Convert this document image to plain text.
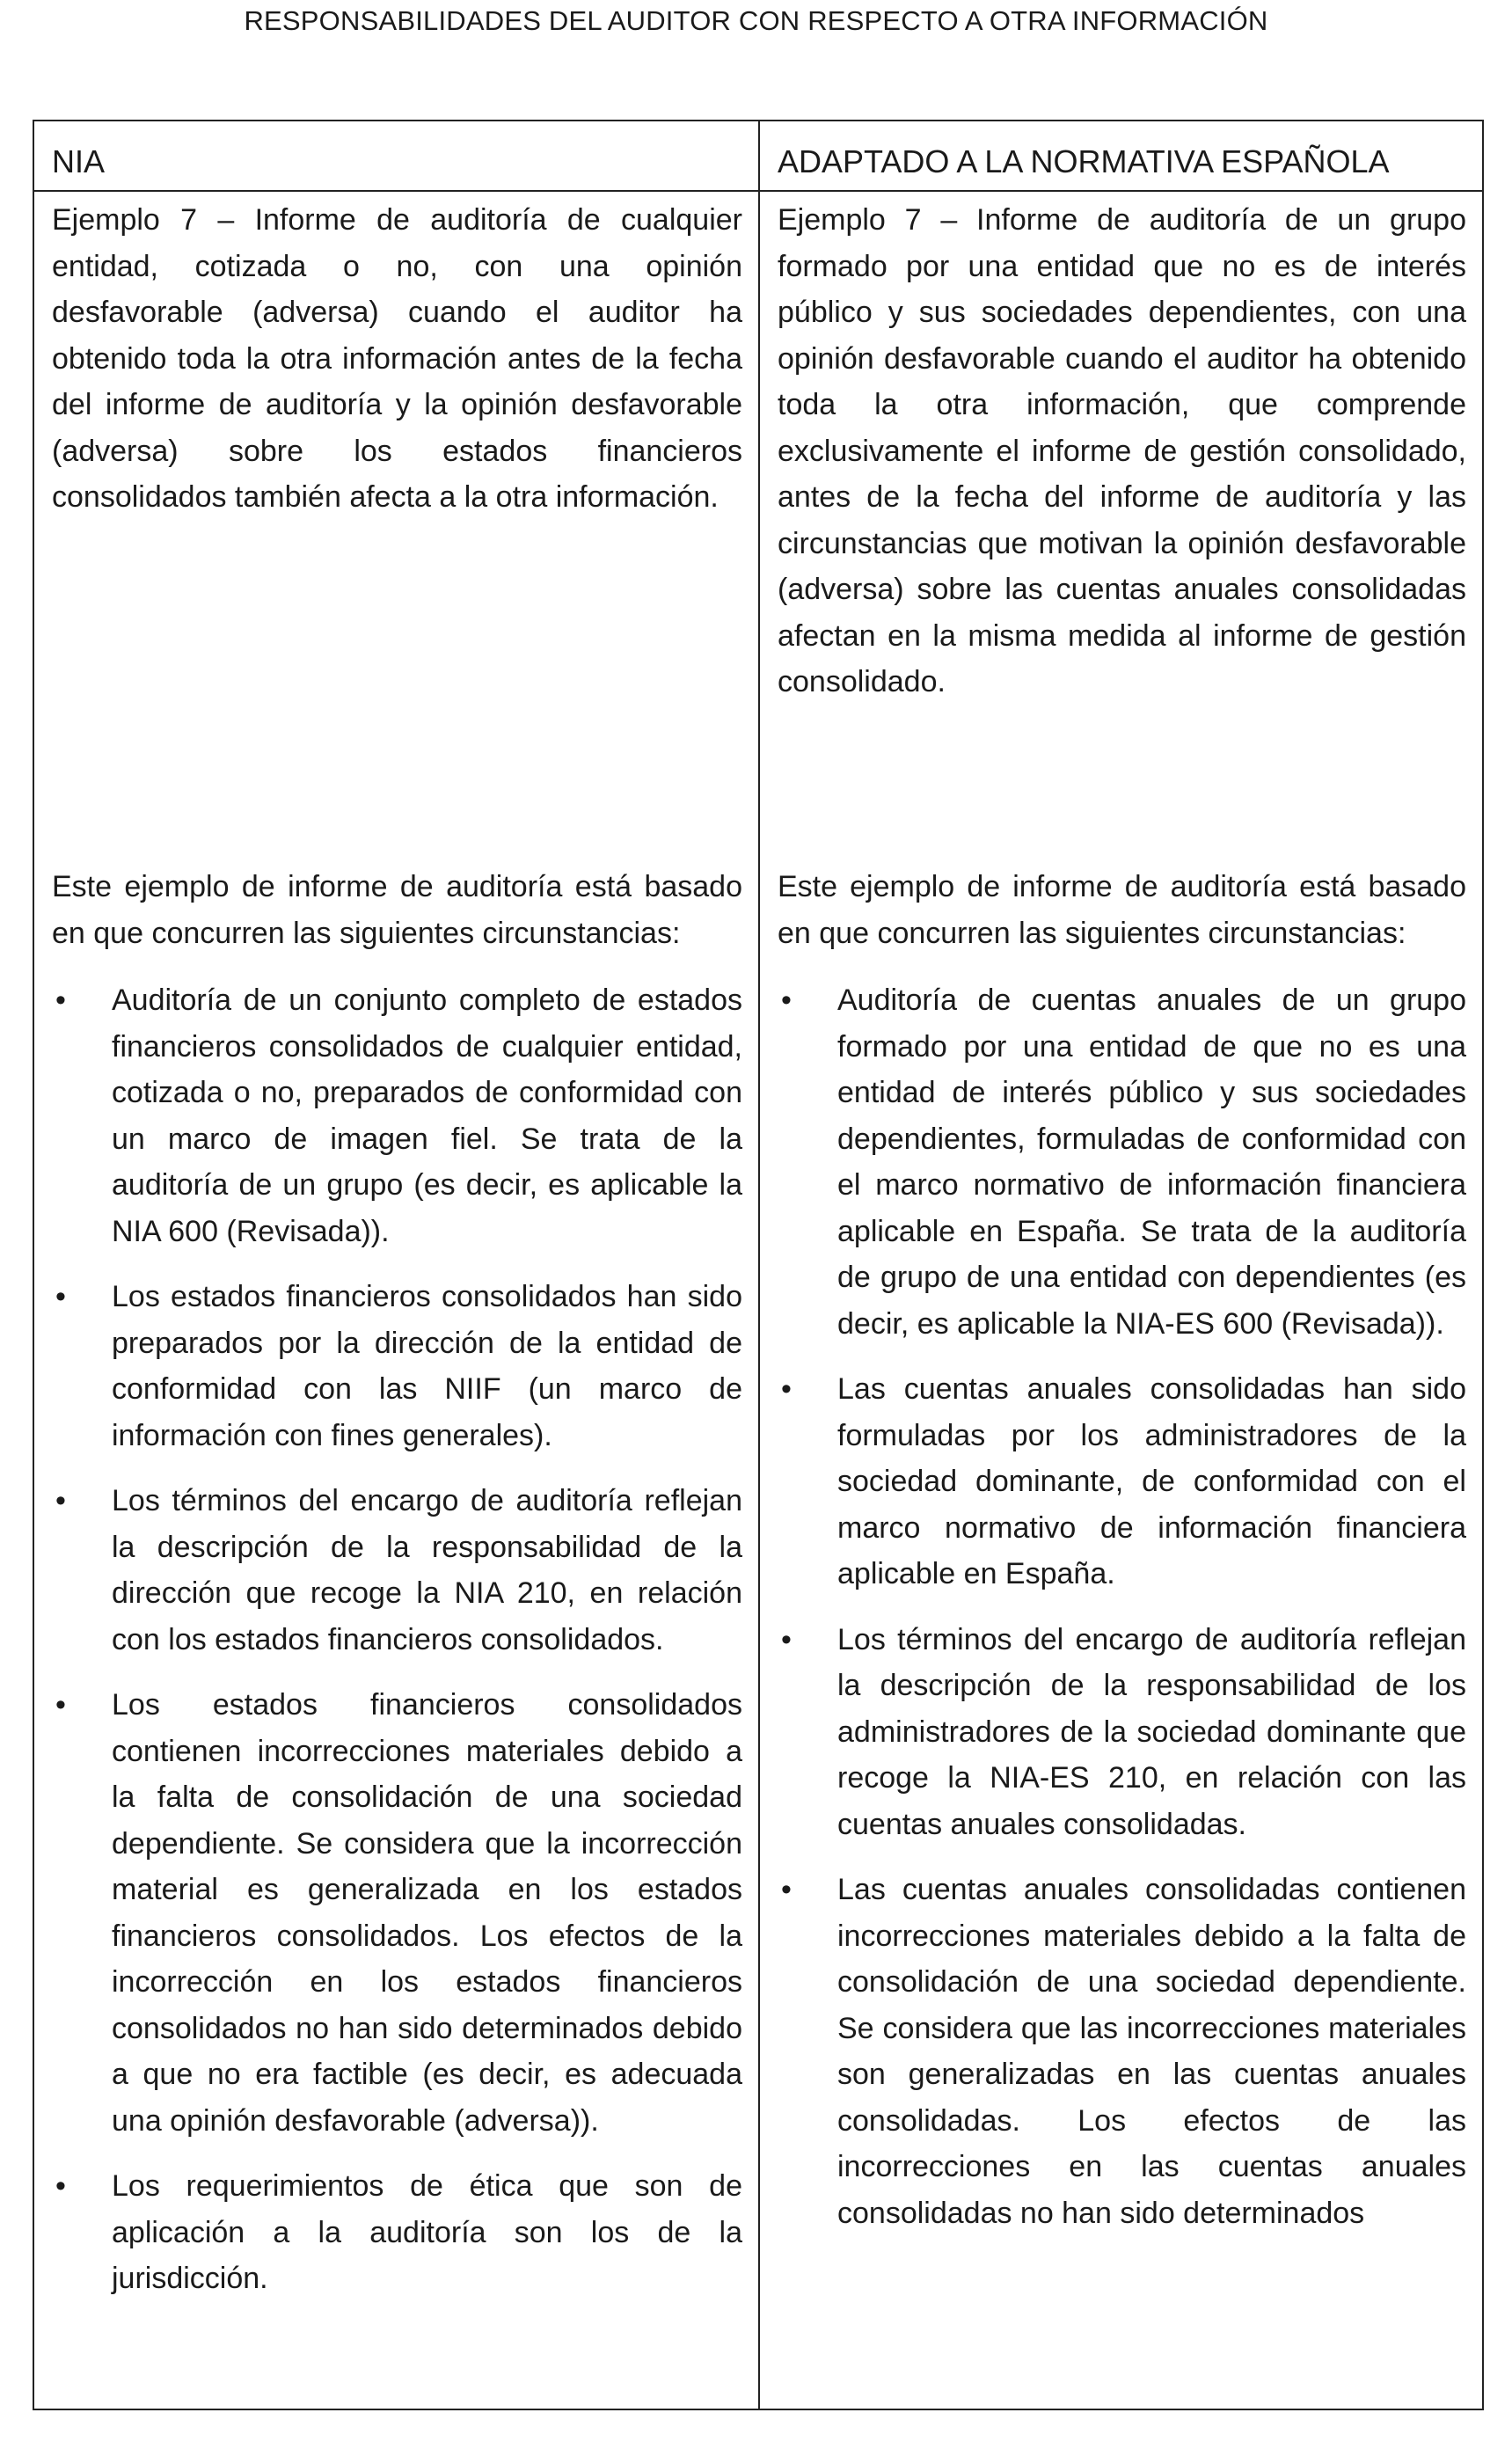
RESPONSABILIDADES DEL AUDITOR CON RESPECTO A OTRA INFORMACIÓN
NIA

Ejemplo 7 – Informe de auditoría de cualquier entidad, cotizada o no, con una opinión desfavorable (adversa) cuando el auditor ha obtenido toda la otra información antes de la fecha del informe de auditoría y la opinión desfavorable (adversa) sobre los estados financieros consolidados también afecta a la otra información.

Este ejemplo de informe de auditoría está basado en que concurren las siguientes circunstancias:

• Auditoría de un conjunto completo de estados financieros consolidados de cualquier entidad, cotizada o no, preparados de conformidad con un marco de imagen fiel. Se trata de la auditoría de un grupo (es decir, es aplicable la NIA 600 (Revisada)).
• Los estados financieros consolidados han sido preparados por la dirección de la entidad de conformidad con las NIIF (un marco de información con fines generales).
• Los términos del encargo de auditoría reflejan la descripción de la responsabilidad de la dirección que recoge la NIA 210, en relación con los estados financieros consolidados.
• Los estados financieros consolidados contienen incorrecciones materiales debido a la falta de consolidación de una sociedad dependiente. Se considera que la incorrección material es generalizada en los estados financieros consolidados. Los efectos de la incorrección en los estados financieros consolidados no han sido determinados debido a que no era factible (es decir, es adecuada una opinión desfavorable (adversa)).
• Los requerimientos de ética que son de aplicación a la auditoría son los de la jurisdicción.
ADAPTADO A LA NORMATIVA ESPAÑOLA

Ejemplo 7 – Informe de auditoría de un grupo formado por una entidad que no es de interés público y sus sociedades dependientes, con una opinión desfavorable cuando el auditor ha obtenido toda la otra información, que comprende exclusivamente el informe de gestión consolidado, antes de la fecha del informe de auditoría y las circunstancias que motivan la opinión desfavorable (adversa) sobre las cuentas anuales consolidadas afectan en la misma medida al informe de gestión consolidado.

Este ejemplo de informe de auditoría está basado en que concurren las siguientes circunstancias:

• Auditoría de cuentas anuales de un grupo formado por una entidad de que no es una entidad de interés público y sus sociedades dependientes, formuladas de conformidad con el marco normativo de información financiera aplicable en España. Se trata de la auditoría de grupo de una entidad con dependientes (es decir, es aplicable la NIA-ES 600 (Revisada)).
• Las cuentas anuales consolidadas han sido formuladas por los administradores de la sociedad dominante, de conformidad con el marco normativo de información financiera aplicable en España.
• Los términos del encargo de auditoría reflejan la descripción de la responsabilidad de los administradores de la sociedad dominante que recoge la NIA-ES 210, en relación con las cuentas anuales consolidadas.
• Las cuentas anuales consolidadas contienen incorrecciones materiales debido a la falta de consolidación de una sociedad dependiente. Se considera que las incorrecciones materiales son generalizadas en las cuentas anuales consolidadas. Los efectos de las incorrecciones en las cuentas anuales consolidadas no han sido determinados
